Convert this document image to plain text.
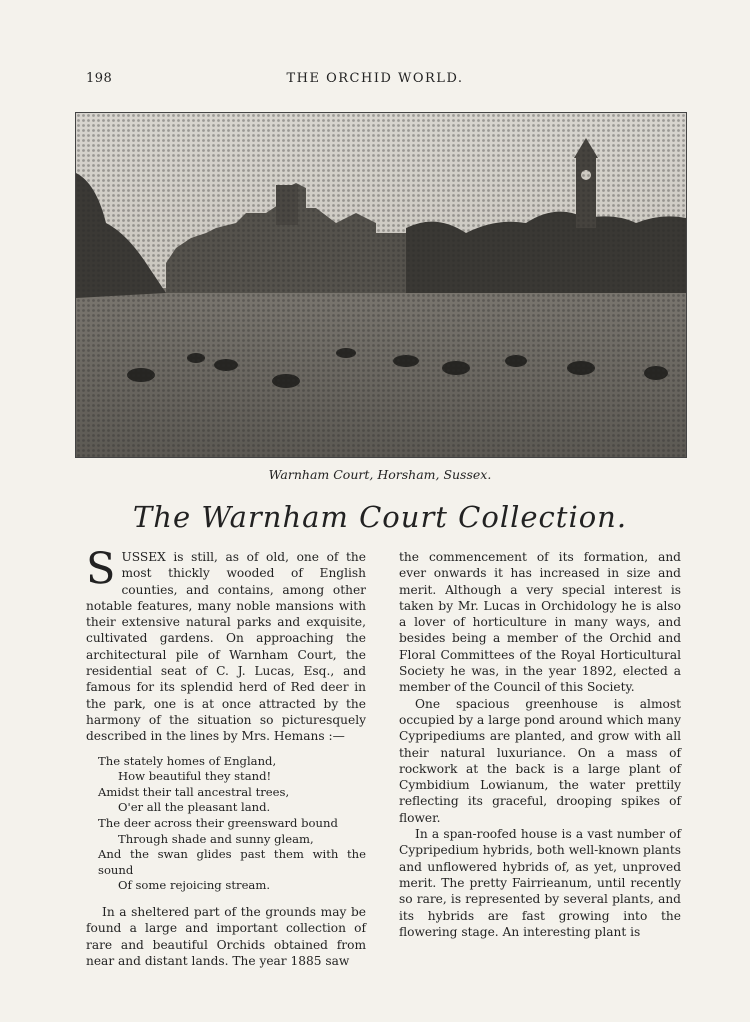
198	THE ORCHID WORLD.
Warnham Court, Horsham, Sussex.
The Warnham Court Collection.

SUSSEX is still, as of old, one of the most thickly wooded of English counties, and contains, among other notable features, many noble mansions with their extensive natural parks and exquisite, cultivated gardens. On approaching the architectural pile of Warnham Court, the residential seat of C. J. Lucas, Esq., and famous for its splendid herd of Red deer in the park, one is at once attracted by the harmony of the situation so picturesquely described in the lines by Mrs. Hemans :—

The stately homes of England,
How beautiful they stand!
Amidst their tall ancestral trees,
O'er all the pleasant land.
The deer across their greensward bound
Through shade and sunny gleam,
And the swan glides past them with the sound
Of some rejoicing stream.

In a sheltered part of the grounds may be found a large and important collection of rare and beautiful Orchids obtained from near and distant lands. The year 1885 saw

the commencement of its formation, and ever onwards it has increased in size and merit. Although a very special interest is taken by Mr. Lucas in Orchidology he is also a lover of horticulture in many ways, and besides being a member of the Orchid and Floral Committees of the Royal Horticultural Society he was, in the year 1892, elected a member of the Council of this Society.

One spacious greenhouse is almost occupied by a large pond around which many Cypripediums are planted, and grow with all their natural luxuriance. On a mass of rockwork at the back is a large plant of Cymbidium Lowianum, the water prettily reflecting its graceful, drooping spikes of flower.

In a span-roofed house is a vast number of Cypripedium hybrids, both well-known plants and unflowered hybrids of, as yet, unproved merit. The pretty Fairrieanum, until recently so rare, is represented by several plants, and its hybrids are fast growing into the flowering stage. An interesting plant is
